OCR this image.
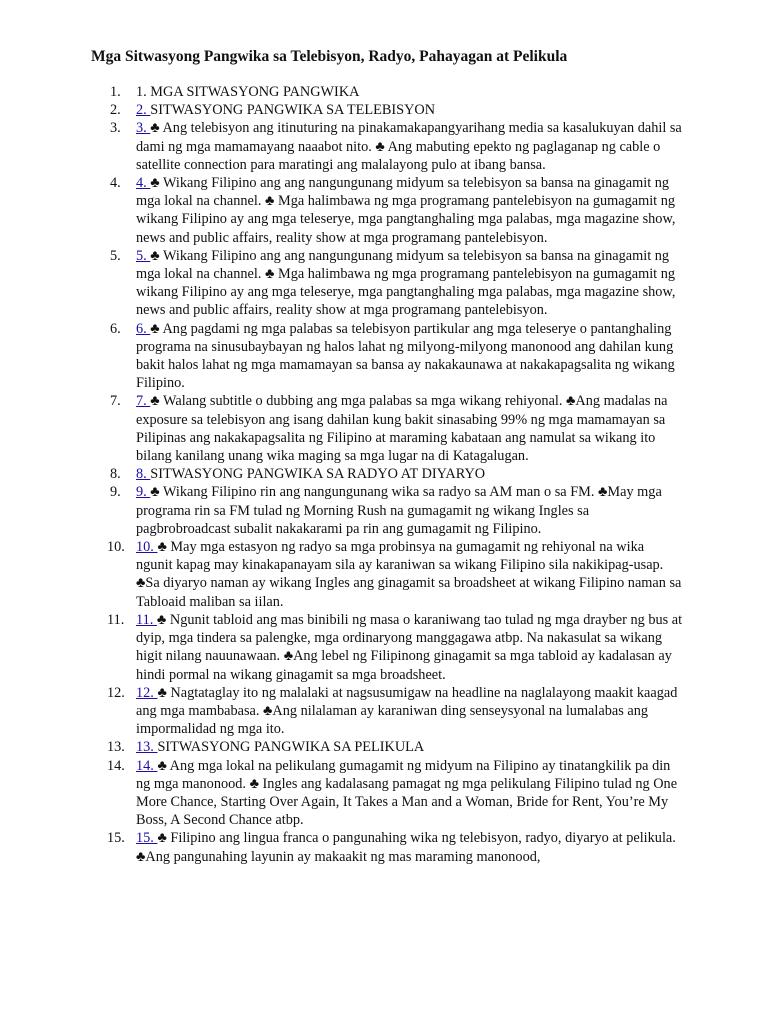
Mga Sitwasyong Pangwika sa Telebisyon, Radyo, Pahayagan at Pelikula
1.	1. MGA SITWASYONG PANGWIKA
2.	2. SITWASYONG PANGWIKA SA TELEBISYON
3.	3. ♣ Ang telebisyon ang itinuturing na pinakamakapangyarihang media sa kasalukuyan dahil sa dami ng mga mamamayang naaabot nito. ♣ Ang mabuting epekto ng paglaganap ng cable o satellite connection para maratingi ang malalayong pulo at ibang bansa.
4.	4. ♣ Wikang Filipino ang ang nangungunang midyum sa telebisyon sa bansa na ginagamit ng mga lokal na channel. ♣ Mga halimbawa ng mga programang pantelebisyon na gumagamit ng wikang Filipino ay ang mga teleserye, mga pangtanghaling mga palabas, mga magazine show, news and public affairs, reality show at mga programang pantelebisyon.
5.	5. ♣ Wikang Filipino ang ang nangungunang midyum sa telebisyon sa bansa na ginagamit ng mga lokal na channel. ♣ Mga halimbawa ng mga programang pantelebisyon na gumagamit ng wikang Filipino ay ang mga teleserye, mga pangtanghaling mga palabas, mga magazine show, news and public affairs, reality show at mga programang pantelebisyon.
6.	6. ♣ Ang pagdami ng mga palabas sa telebisyon partikular ang mga teleserye o pantanghaling programa na sinusubaybayan ng halos lahat ng milyong-milyong manonood ang dahilan kung bakit halos lahat ng mga mamamayan sa bansa ay nakakaunawa at nakakapagsalita ng wikang Filipino.
7.	7. ♣ Walang subtitle o dubbing ang mga palabas sa mga wikang rehiyonal. ♣Ang madalas na exposure sa telebisyon ang isang dahilan kung bakit sinasabing 99% ng mga mamamayan sa Pilipinas ang nakakapagsalita ng Filipino at maraming kabataan ang namulat sa wikang ito bilang kanilang unang wika maging sa mga lugar na di Katagalugan.
8.	8. SITWASYONG PANGWIKA SA RADYO AT DIYARYO
9.	9. ♣ Wikang Filipino rin ang nangungunang wika sa radyo sa AM man o sa FM. ♣May mga programa rin sa FM tulad ng Morning Rush na gumagamit ng wikang Ingles sa pagbrobroadcast subalit nakakarami pa rin ang gumagamit ng Filipino.
10. 10. ♣ May mga estasyon ng radyo sa mga probinsya na gumagamit ng rehiyonal na wika ngunit kapag may kinakapanayam sila ay karaniwan sa wikang Filipino sila nakikipag-usap. ♣Sa diyaryo naman ay wikang Ingles ang ginagamit sa broadsheet at wikang Filipino naman sa Tabloaid maliban sa iilan.
11. 11. ♣ Ngunit tabloid ang mas binibili ng masa o karaniwang tao tulad ng mga drayber ng bus at dyip, mga tindera sa palengke, mga ordinaryong manggagawa atbp. Na nakasulat sa wikang higit nilang nauunawaan. ♣Ang lebel ng Filipinong ginagamit sa mga tabloid ay kadalasan ay hindi pormal na wikang ginagamit sa mga broadsheet.
12. 12. ♣ Nagtataglay ito ng malalaki at nagsusumigaw na headline na naglalayong maakit kaagad ang mga mambabasa. ♣Ang nilalaman ay karaniwan ding senseysyonal na lumalabas ang impormalidad ng mga ito.
13. 13. SITWASYONG PANGWIKA SA PELIKULA
14. 14. ♣ Ang mga lokal na pelikulang gumagamit ng midyum na Filipino ay tinatangkilik pa din ng mga manonood. ♣ Ingles ang kadalasang pamagat ng mga pelikulang Filipino tulad ng One More Chance, Starting Over Again, It Takes a Man and a Woman, Bride for Rent, You’re My Boss, A Second Chance atbp.
15. 15. ♣ Filipino ang lingua franca o pangunahing wika ng telebisyon, radyo, diyaryo at pelikula. ♣Ang pangunahing layunin ay makaakit ng mas maraming manonood,
